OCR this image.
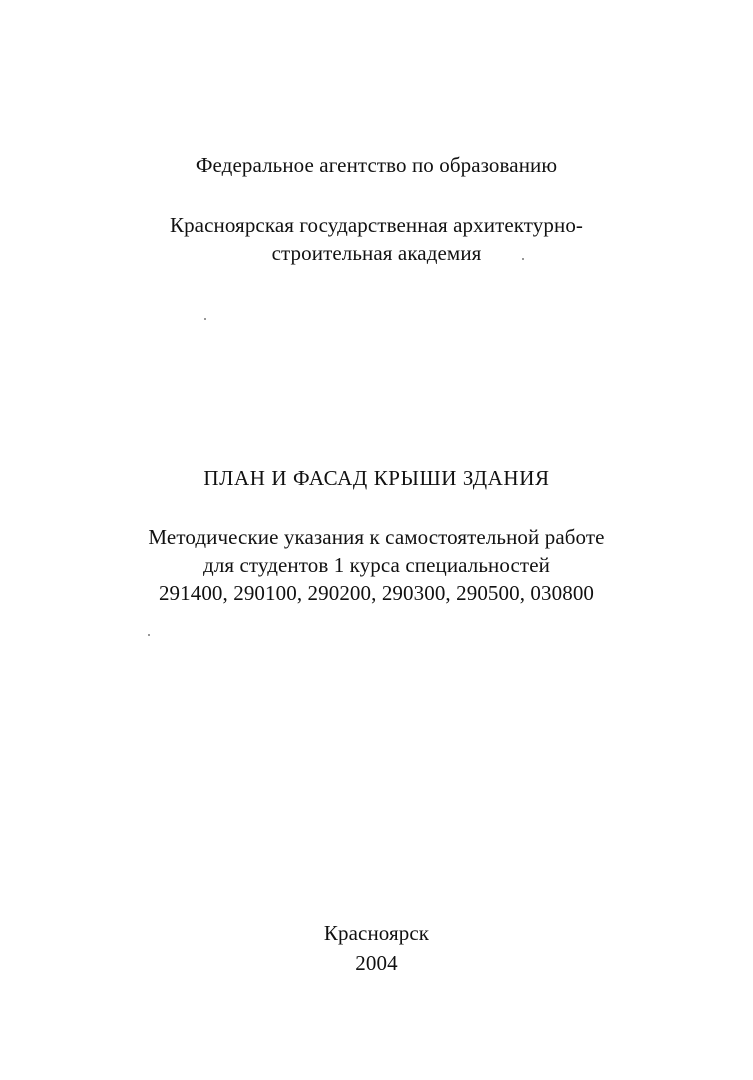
Федеральное агентство по образованию
Красноярская государственная архитектурно-
строительная академия
ПЛАН И ФАСАД КРЫШИ ЗДАНИЯ
Методические указания к самостоятельной работе
для студентов 1 курса специальностей
291400, 290100, 290200, 290300, 290500, 030800
Красноярск
2004
